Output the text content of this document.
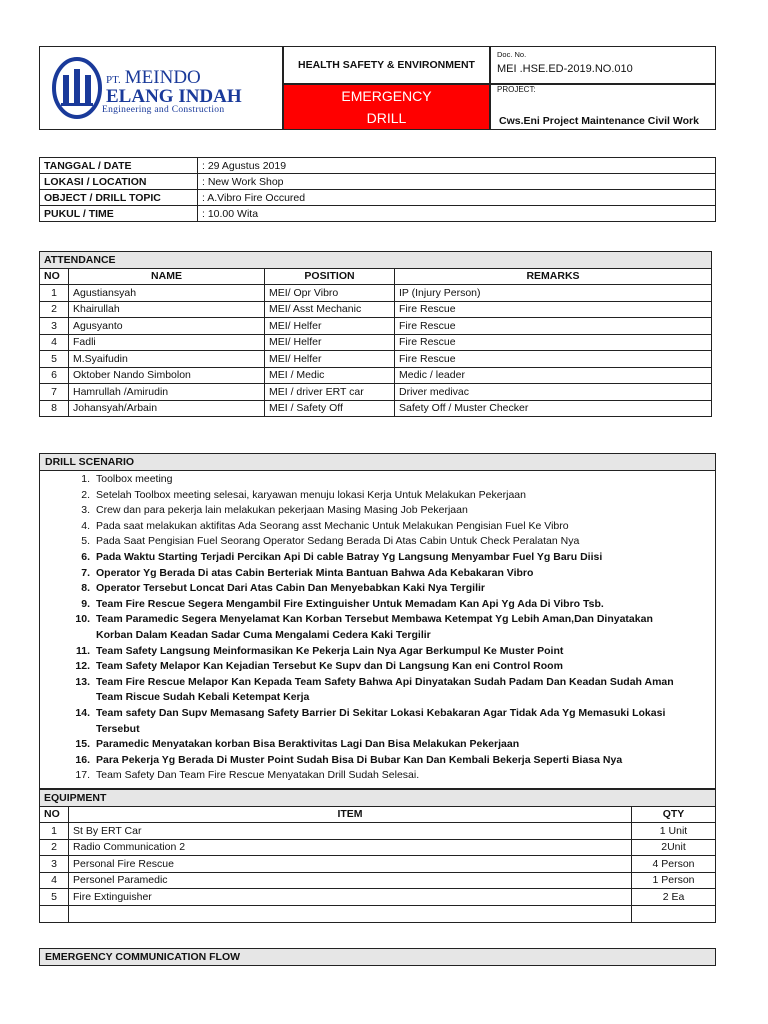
PT. MEINDO
ELANG INDAH
Engineering and Construction
HEALTH SAFETY & ENVIRONMENT
EMERGENCY
DRILL
Doc. No.
MEI .HSE.ED-2019.NO.010
PROJECT:
Cws.Eni Project Maintenance Civil Work
TANGGAL / DATE	: 29 Agustus 2019
LOKASI / LOCATION	: New Work Shop
OBJECT / DRILL TOPIC	: A.Vibro Fire Occured
PUKUL / TIME	: 10.00 Wita
ATTENDANCE			
NO	NAME	POSITION	REMARKS
1	Agustiansyah	MEI/ Opr Vibro	IP (Injury Person)
2	Khairullah	MEI/ Asst Mechanic	Fire Rescue
3	Agusyanto	MEI/ Helfer	Fire Rescue
4	Fadli	MEI/ Helfer	Fire Rescue
5	M.Syaifudin	MEI/ Helfer	Fire Rescue
6	Oktober Nando Simbolon	MEI / Medic	Medic / leader
7	Hamrullah /Amirudin	MEI / driver ERT car	Driver medivac
8	Johansyah/Arbain	MEI / Safety Off	Safety Off / Muster Checker
DRILL SCENARIO
1. Toolbox meeting
2. Setelah Toolbox meeting selesai, karyawan menuju lokasi Kerja Untuk Melakukan Pekerjaan
3. Crew dan para pekerja lain melakukan pekerjaan Masing Masing Job Pekerjaan
4. Pada saat melakukan aktifitas Ada Seorang asst Mechanic Untuk Melakukan Pengisian Fuel Ke Vibro
5. Pada Saat Pengisian Fuel Seorang Operator Sedang Berada Di Atas Cabin Untuk Check Peralatan Nya
6. Pada Waktu Starting Terjadi Percikan Api Di cable Batray Yg Langsung Menyambar Fuel Yg Baru Diisi
7. Operator Yg Berada Di atas Cabin Berteriak Minta Bantuan Bahwa Ada Kebakaran Vibro
8. Operator Tersebut Loncat Dari Atas Cabin Dan Menyebabkan Kaki Nya Tergilir
9. Team Fire Rescue Segera Mengambil Fire Extinguisher Untuk Memadam Kan Api Yg Ada Di Vibro Tsb.
10. Team Paramedic Segera Menyelamat Kan Korban Tersebut Membawa Ketempat Yg Lebih Aman,Dan Dinyatakan
Korban Dalam Keadan Sadar Cuma Mengalami Cedera Kaki Tergilir
11. Team Safety Langsung Meinformasikan Ke Pekerja Lain Nya Agar Berkumpul Ke Muster Point
12. Team Safety Melapor Kan Kejadian Tersebut Ke Supv dan Di Langsung Kan eni Control Room
13. Team Fire Rescue Melapor Kan Kepada Team Safety Bahwa Api Dinyatakan Sudah Padam Dan Keadan Sudah Aman
Team Riscue Sudah Kebali Ketempat Kerja
14. Team safety Dan Supv Memasang Safety Barrier Di Sekitar Lokasi Kebakaran Agar Tidak Ada Yg Memasuki Lokasi
Tersebut
15. Paramedic Menyatakan korban Bisa Beraktivitas Lagi Dan Bisa Melakukan Pekerjaan
16. Para Pekerja Yg Berada Di Muster Point Sudah Bisa Di Bubar Kan Dan Kembali Bekerja Seperti Biasa Nya
17. Team Safety Dan Team Fire Rescue Menyatakan Drill Sudah Selesai.
EQUIPMENT		
NO	ITEM	QTY
1	St By ERT Car	1 Unit
2	Radio Communication 2	2Unit
3	Personal Fire Rescue	4 Person
4	Personel Paramedic	1 Person
5	Fire Extinguisher	2 Ea

EMERGENCY COMMUNICATION FLOW
